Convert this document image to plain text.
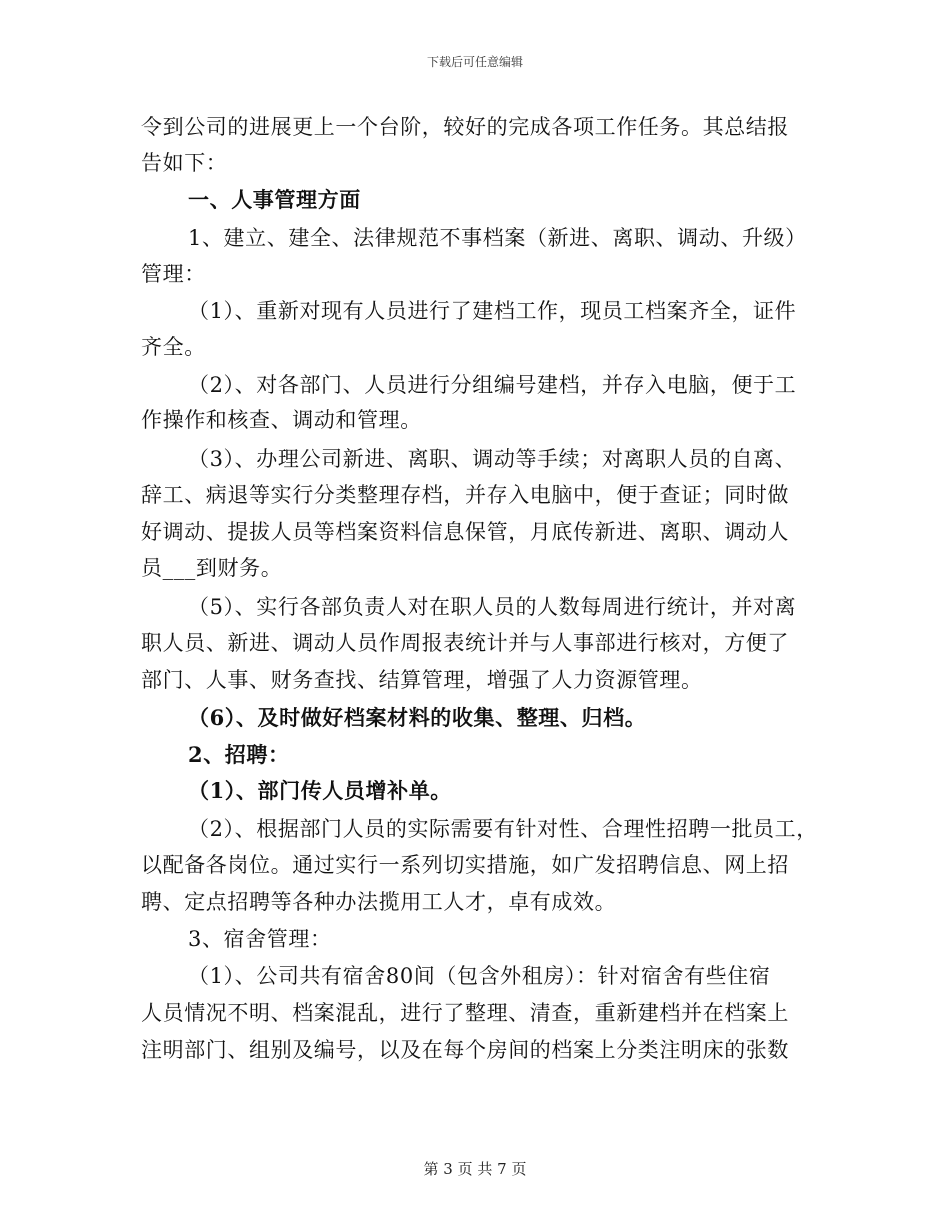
下载后可任意编辑
令到公司的进展更上一个台阶，较好的完成各项工作任务。其总结报
告如下：
一、人事管理方面
1、建立、建全、法律规范不事档案（新进、离职、调动、升级）
管理：
（1）、重新对现有人员进行了建档工作，现员工档案齐全，证件
齐全。
（2）、对各部门、人员进行分组编号建档，并存入电脑，便于工
作操作和核查、调动和管理。
（3）、办理公司新进、离职、调动等手续；对离职人员的自离、
辞工、病退等实行分类整理存档，并存入电脑中，便于查证；同时做
好调动、提拔人员等档案资料信息保管，月底传新进、离职、调动人
员___到财务。
（5）、实行各部负责人对在职人员的人数每周进行统计，并对离
职人员、新进、调动人员作周报表统计并与人事部进行核对，方便了
部门、人事、财务查找、结算管理，增强了人力资源管理。
（6）、及时做好档案材料的收集、整理、归档。
2、招聘：
（1）、部门传人员增补单。
（2）、根据部门人员的实际需要有针对性、合理性招聘一批员工，
以配备各岗位。通过实行一系列切实措施，如广发招聘信息、网上招
聘、定点招聘等各种办法揽用工人才，卓有成效。
3、宿舍管理：
（1）、公司共有宿舍80间（包含外租房）：针对宿舍有些住宿
人员情况不明、档案混乱，进行了整理、清查，重新建档并在档案上
注明部门、组别及编号，以及在每个房间的档案上分类注明床的张数
第 3 页 共 7 页
